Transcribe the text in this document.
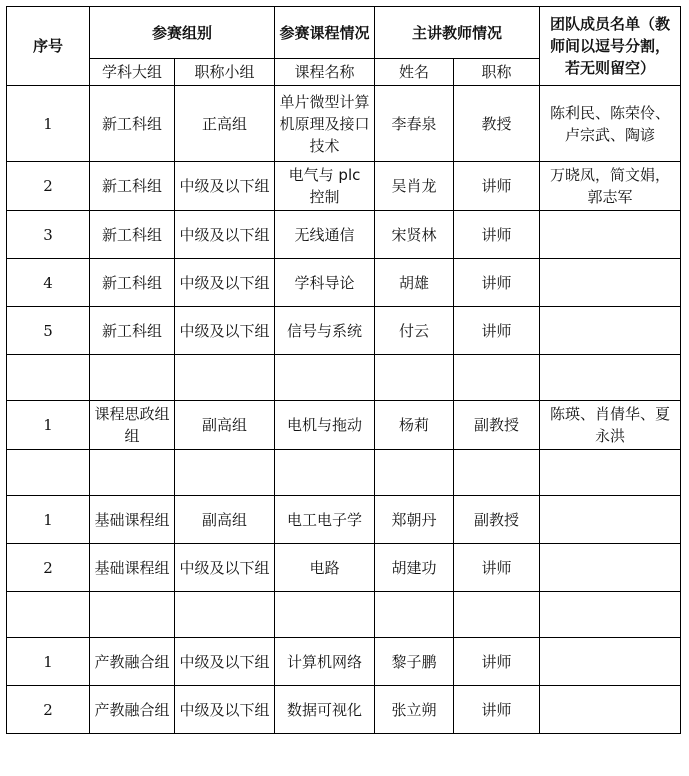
序号	参赛组别		参赛课程情况	主讲教师情况		团队成员名单（教师间以逗号分割，若无则留空）
	学科大组	职称小组	课程名称	姓名	职称	
1	新工科组	正高组	单片微型计算机原理及接口技术	李春泉	教授	陈利民、陈荣伶、卢宗武、陶谚
2	新工科组	中级及以下组	电气与 plc 控制	吴肖龙	讲师	万晓凤，简文娟，郭志军
3	新工科组	中级及以下组	无线通信	宋贤林	讲师	
4	新工科组	中级及以下组	学科导论	胡雄	讲师	
5	新工科组	中级及以下组	信号与系统	付云	讲师	

1	课程思政组组	副高组	电机与拖动	杨莉	副教授	陈瑛、肖倩华、夏永洪

1	基础课程组	副高组	电工电子学	郑朝丹	副教授	
2	基础课程组	中级及以下组	电路	胡建功	讲师	

1	产教融合组	中级及以下组	计算机网络	黎子鹏	讲师	
2	产教融合组	中级及以下组	数据可视化	张立朔	讲师	
